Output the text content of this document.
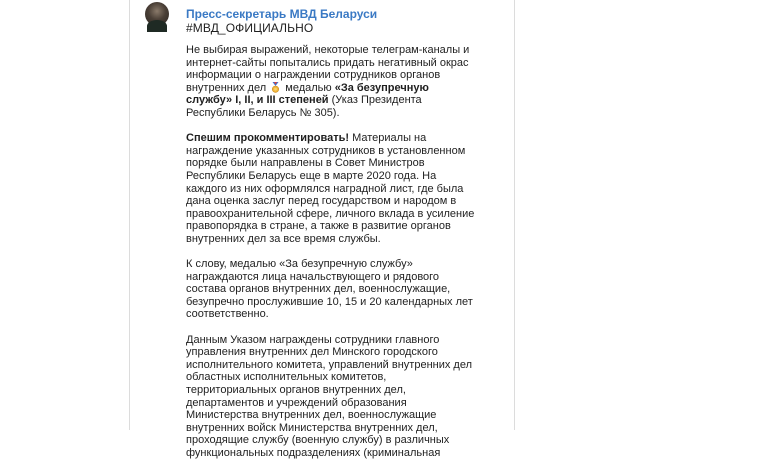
Пресс-секретарь МВД Беларуси

#МВД_ОФИЦИАЛЬНО

Не выбирая выражений, некоторые телеграм-каналы и интернет-сайты попытались придать негативный окрас информации о награждении сотрудников органов внутренних дел  медалью «За безупречную службу» I, II, и III степеней (Указ Президента Республики Беларусь № 305).

Спешим прокомментировать! Материалы на награждение указанных сотрудников в установленном порядке были направлены в Совет Министров Республики Беларусь еще в марте 2020 года. На каждого из них оформлялся наградной лист, где была дана оценка заслуг перед государством и народом в правоохранительной сфере, личного вклада в усиление правопорядка в стране, а также в развитие органов внутренних дел за все время службы.

К слову, медалью «За безупречную службу» награждаются лица начальствующего и рядового состава органов внутренних дел, военнослужащие, безупречно прослужившие 10, 15 и 20 календарных лет соответственно.

Данным Указом награждены сотрудники главного управления внутренних дел Минского городского исполнительного комитета, управлений внутренних дел областных исполнительных комитетов, территориальных органов внутренних дел, департаментов и учреждений образования Министерства внутренних дел, военнослужащие внутренних войск Министерства внутренних дел, проходящие службу (военную службу) в различных функциональных подразделениях (криминальная
